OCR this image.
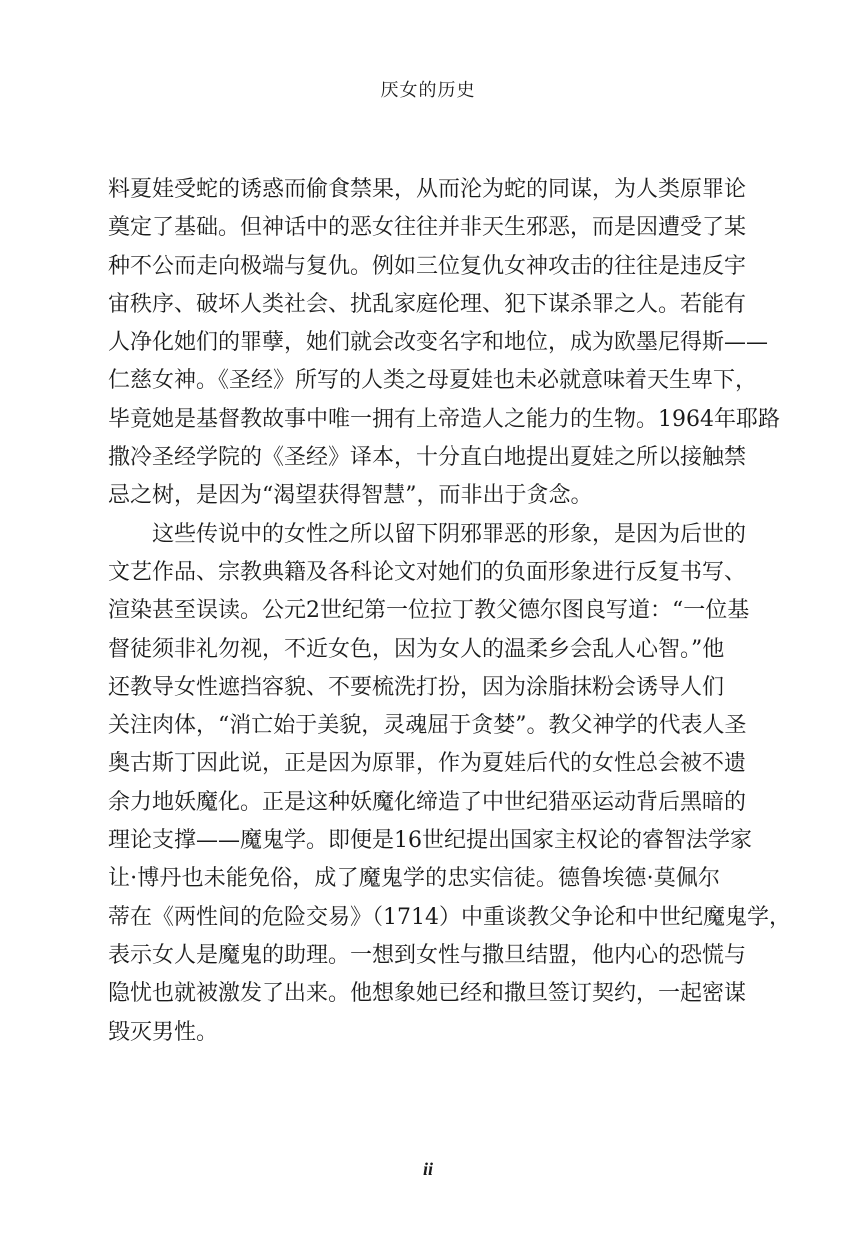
厌女的历史
料夏娃受蛇的诱惑而偷食禁果，从而沦为蛇的同谋，为人类原罪论
奠定了基础。但神话中的恶女往往并非天生邪恶，而是因遭受了某
种不公而走向极端与复仇。例如三位复仇女神攻击的往往是违反宇
宙秩序、破坏人类社会、扰乱家庭伦理、犯下谋杀罪之人。若能有
人净化她们的罪孽，她们就会改变名字和地位，成为欧墨尼得斯——
仁慈女神。《圣经》所写的人类之母夏娃也未必就意味着天生卑下，
毕竟她是基督教故事中唯一拥有上帝造人之能力的生物。1964年耶路
撒冷圣经学院的《圣经》译本，十分直白地提出夏娃之所以接触禁
忌之树，是因为“渴望获得智慧”，而非出于贪念。
这些传说中的女性之所以留下阴邪罪恶的形象，是因为后世的
文艺作品、宗教典籍及各科论文对她们的负面形象进行反复书写、
渲染甚至误读。公元2世纪第一位拉丁教父德尔图良写道：“一位基
督徒须非礼勿视，不近女色，因为女人的温柔乡会乱人心智。”他
还教导女性遮挡容貌、不要梳洗打扮，因为涂脂抹粉会诱导人们
关注肉体，“消亡始于美貌，灵魂屈于贪婪”。教父神学的代表人圣
奥古斯丁因此说，正是因为原罪，作为夏娃后代的女性总会被不遗
余力地妖魔化。正是这种妖魔化缔造了中世纪猎巫运动背后黑暗的
理论支撑——魔鬼学。即便是16世纪提出国家主权论的睿智法学家
让·博丹也未能免俗，成了魔鬼学的忠实信徒。德鲁埃德·莫佩尔
蒂在《两性间的危险交易》（1714）中重谈教父争论和中世纪魔鬼学，
表示女人是魔鬼的助理。一想到女性与撒旦结盟，他内心的恐慌与
隐忧也就被激发了出来。他想象她已经和撒旦签订契约，一起密谋
毁灭男性。
ii
